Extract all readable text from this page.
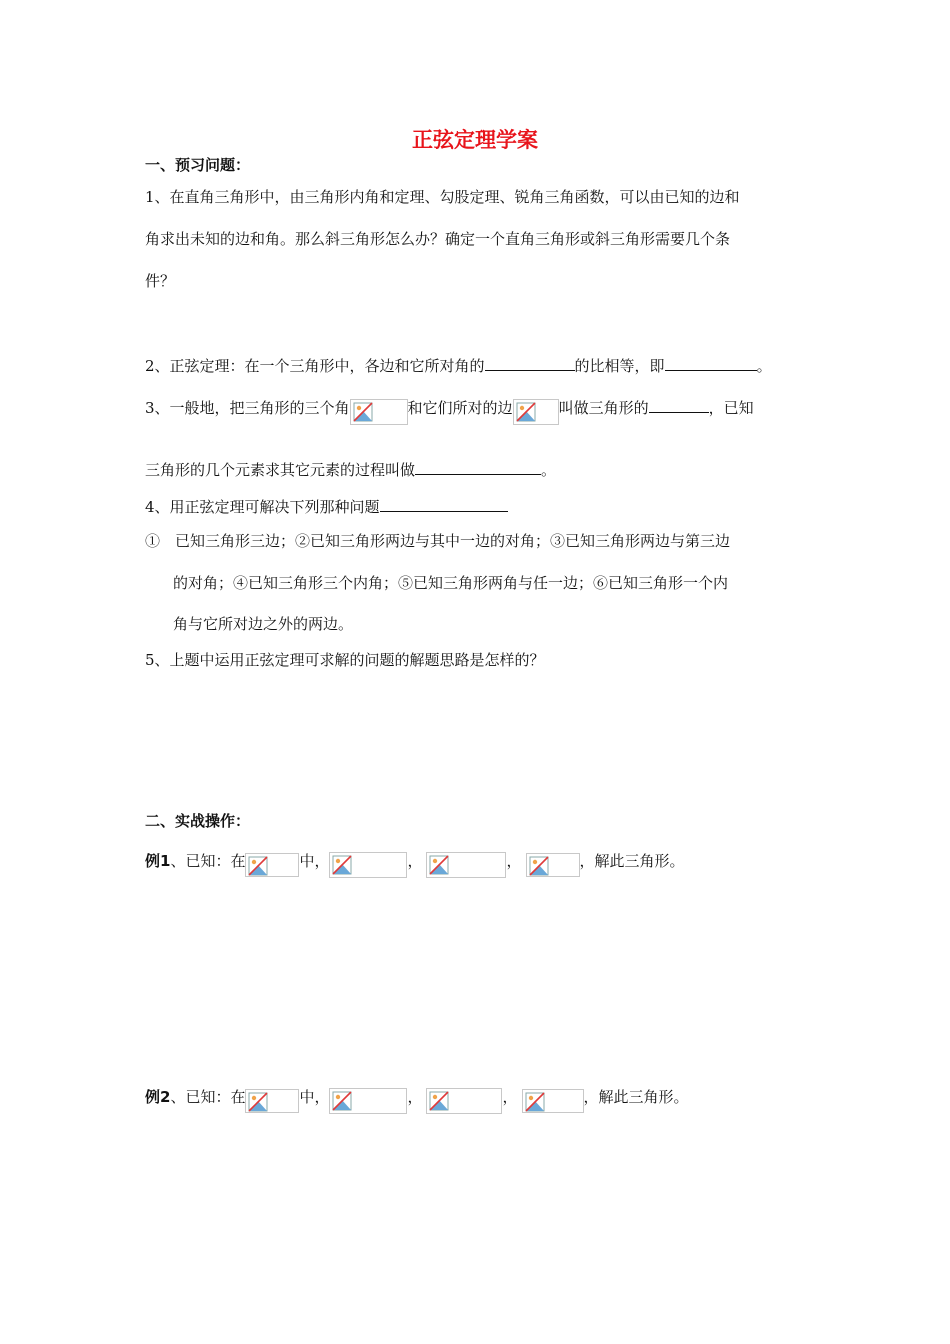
正弦定理学案
一、预习问题：
1、在直角三角形中，由三角形内角和定理、勾股定理、锐角三角函数，可以由已知的边和
角求出未知的边和角。那么斜三角形怎么办？确定一个直角三角形或斜三角形需要几个条
件？
2、正弦定理：在一个三角形中，各边和它所对角的	的比相等，即	。
3、一般地，把三角形的三个角	和它们所对的边	叫做三角形的	，已知
三角形的几个元素求其它元素的过程叫做	。
4、用正弦定理可解决下列那种问题
①　已知三角形三边；②已知三角形两边与其中一边的对角；③已知三角形两边与第三边
的对角；④已知三角形三个内角；⑤已知三角形两角与任一边；⑥已知三角形一个内
角与它所对边之外的两边。
5、上题中运用正弦定理可求解的问题的解题思路是怎样的？
二、实战操作：
例1、已知：在	中，	，	，	，解此三角形。
例2、已知：在	中，	，	，	，解此三角形。
